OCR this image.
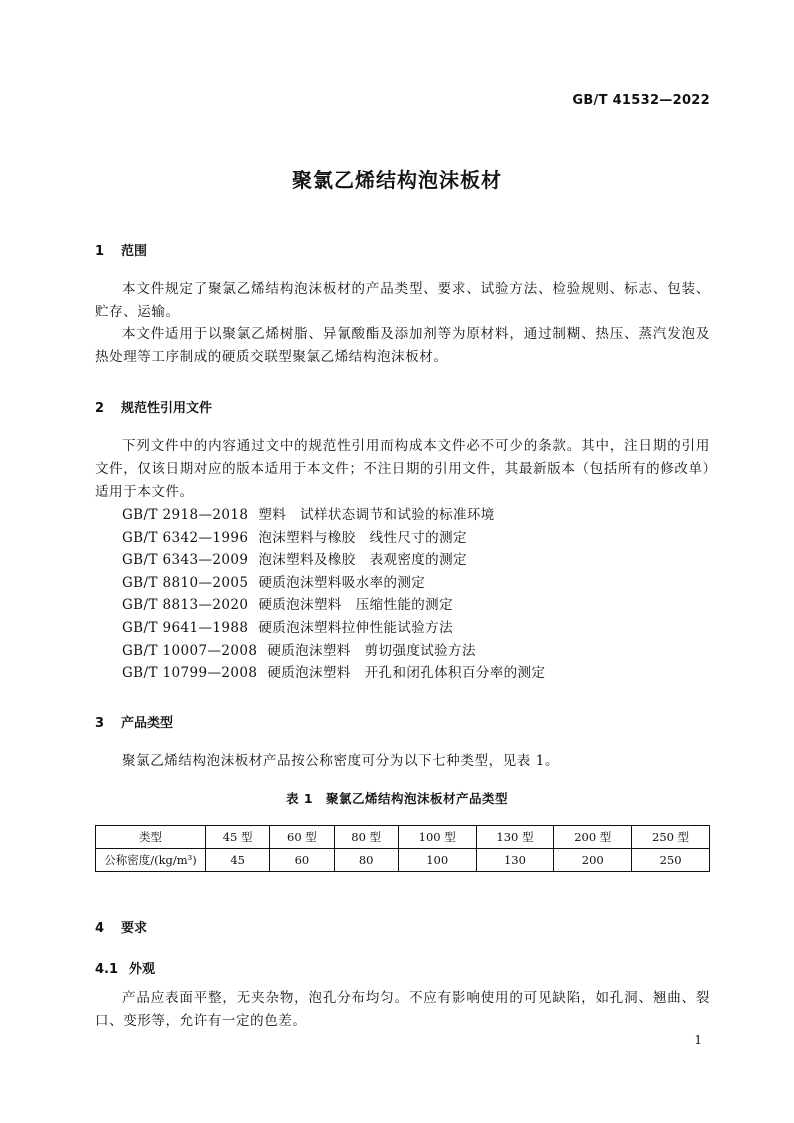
GB/T 41532—2022
聚氯乙烯结构泡沫板材
1 范围

本文件规定了聚氯乙烯结构泡沫板材的产品类型、要求、试验方法、检验规则、标志、包装、贮存、运输。

本文件适用于以聚氯乙烯树脂、异氰酸酯及添加剂等为原材料，通过制糊、热压、蒸汽发泡及热处理等工序制成的硬质交联型聚氯乙烯结构泡沫板材。

2 规范性引用文件

下列文件中的内容通过文中的规范性引用而构成本文件必不可少的条款。其中，注日期的引用文件，仅该日期对应的版本适用于本文件；不注日期的引用文件，其最新版本（包括所有的修改单）适用于本文件。

GB/T 2918—2018 塑料　试样状态调节和试验的标准环境
GB/T 6342—1996 泡沫塑料与橡胶　线性尺寸的测定
GB/T 6343—2009 泡沫塑料及橡胶　表观密度的测定
GB/T 8810—2005 硬质泡沫塑料吸水率的测定
GB/T 8813—2020 硬质泡沫塑料　压缩性能的测定
GB/T 9641—1988 硬质泡沫塑料拉伸性能试验方法
GB/T 10007—2008 硬质泡沫塑料　剪切强度试验方法
GB/T 10799—2008 硬质泡沫塑料　开孔和闭孔体积百分率的测定
3 产品类型

聚氯乙烯结构泡沫板材产品按公称密度可分为以下七种类型，见表 1。

表 1　聚氯乙烯结构泡沫板材产品类型
类型	45 型	60 型	80 型	100 型	130 型	200 型	250 型
公称密度/(kg/m³)	45	60	80	100	130	200	250
4 要求
4.1 外观

产品应表面平整，无夹杂物，泡孔分布均匀。不应有影响使用的可见缺陷，如孔洞、翘曲、裂口、变形等，允许有一定的色差。

1
